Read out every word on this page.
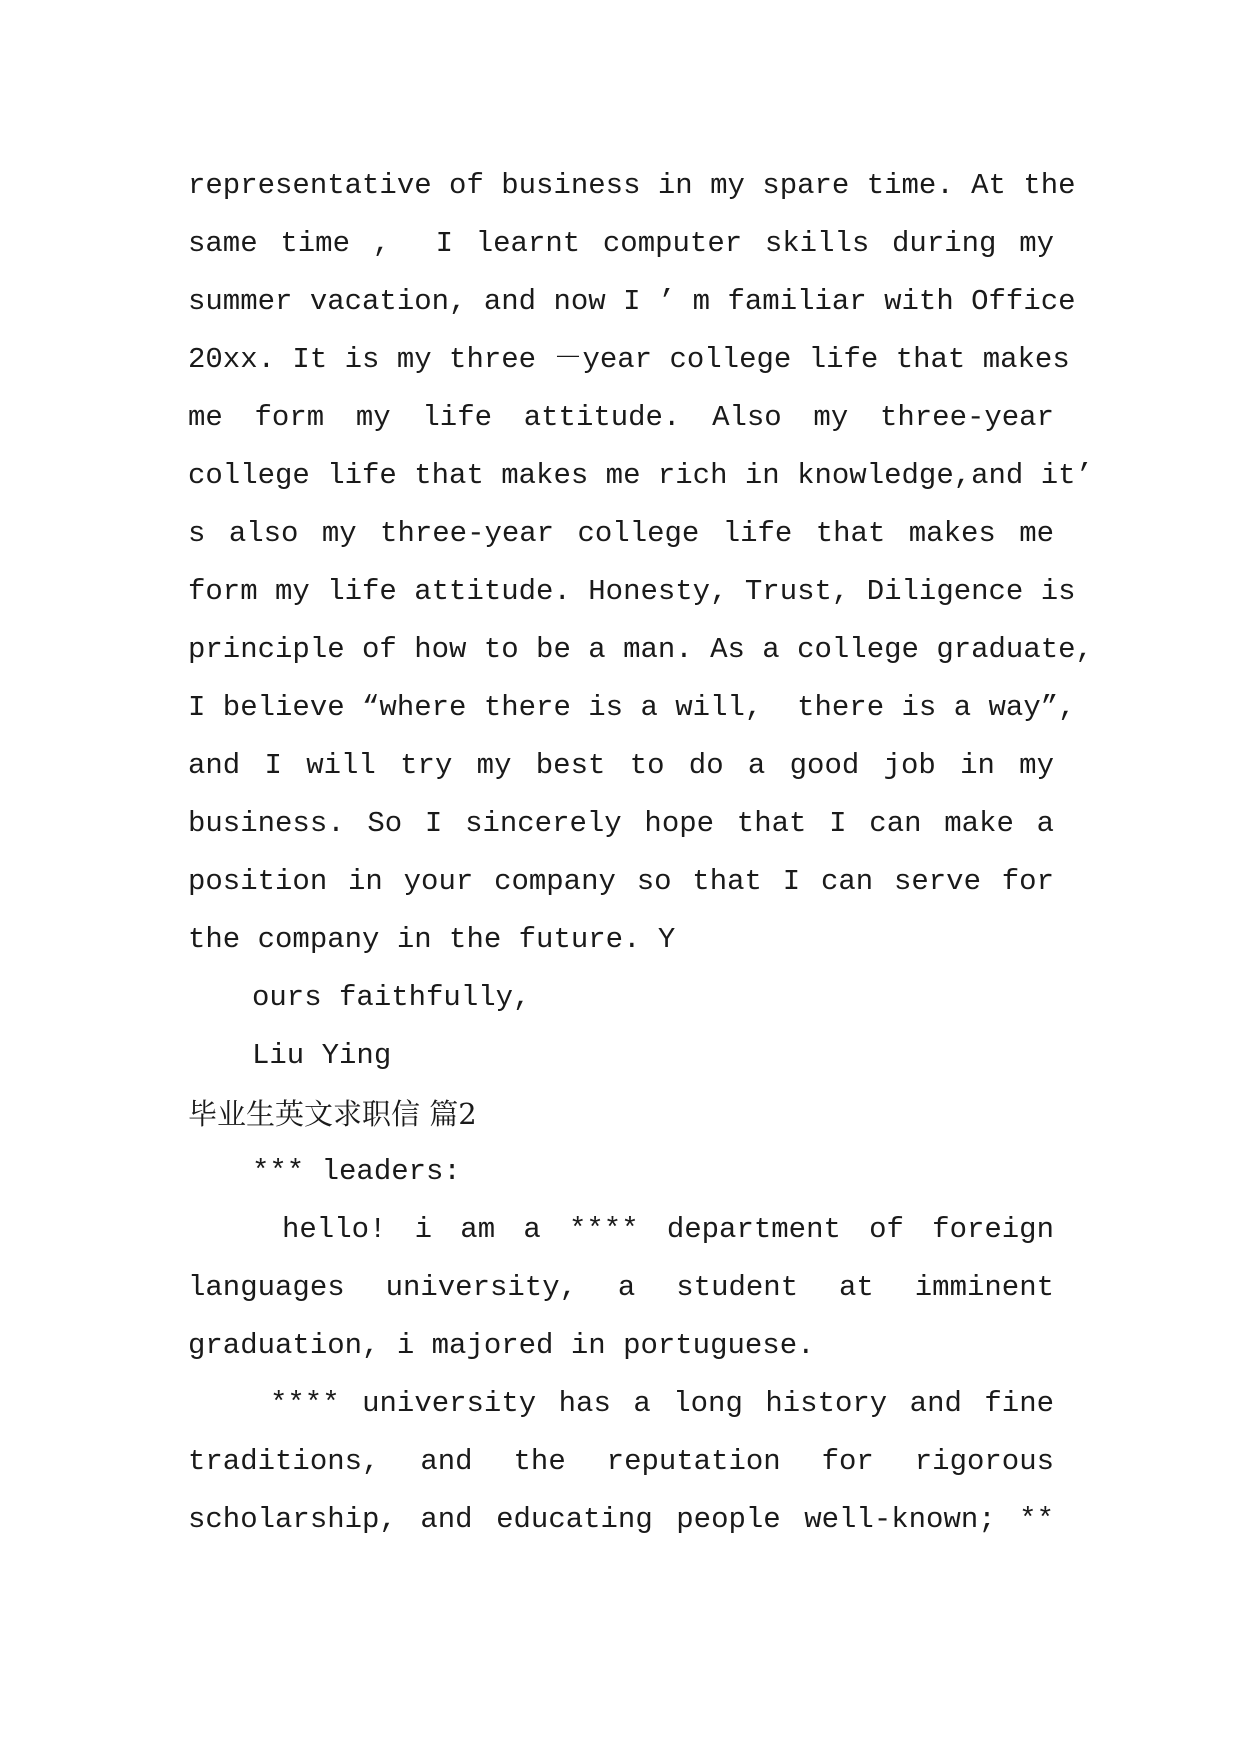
representative of business in my spare time. At the
same time ,  I learnt computer skills during my
summer vacation, and now I ’ m familiar with Office
20xx. It is my three －year college life that makes
me form my life attitude. Also my three-year
college life that makes me rich in knowledge,and it’
s also my three-year college life that makes me
form my life attitude. Honesty, Trust, Diligence is
principle of how to be a man. As a college graduate,
I believe “where there is a will,  there is a way”,
and I will try my best to do a good job in my
business. So I sincerely hope that I can make a
position in your company so that I can serve for
the company in the future. Y
ours faithfully,
Liu Ying
毕业生英文求职信 篇2
*** leaders:
hello! i am a **** department of foreign
languages university, a student at imminent
graduation, i majored in portuguese.
**** university has a long history and fine
traditions, and the reputation for rigorous
scholarship, and educating people well-known; **
